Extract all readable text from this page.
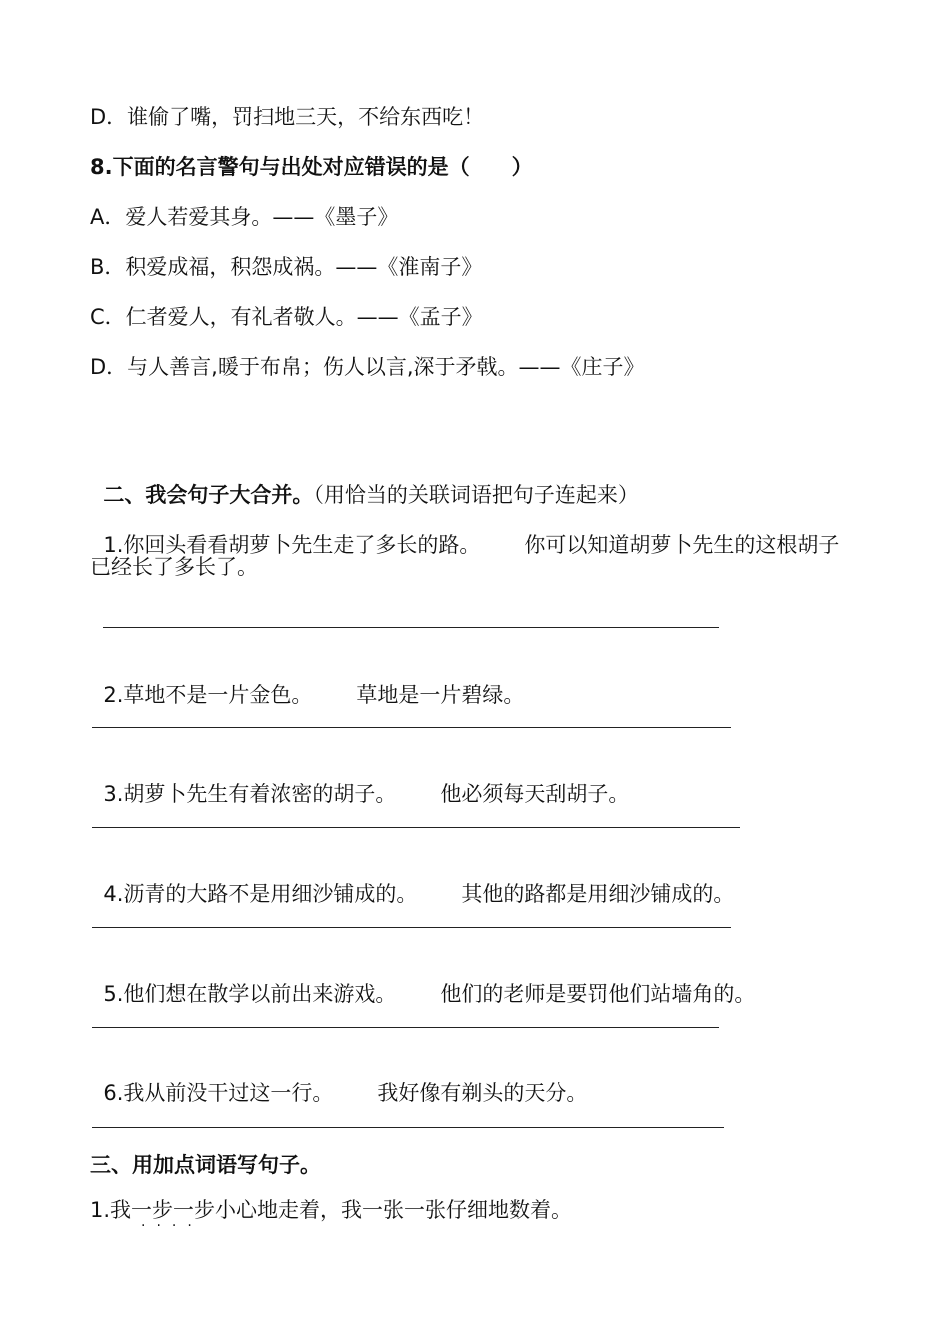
D．谁偷了嘴，罚扫地三天，不给东西吃！
8.下面的名言警句与出处对应错误的是（　　）
A．爱人若爱其身。——《墨子》
B．积爱成福，积怨成祸。——《淮南子》
C．仁者爱人，有礼者敬人。——《孟子》
D．与人善言,暖于布帛；伤人以言,深于矛戟。——《庄子》

二、我会句子大合并。（用恰当的关联词语把句子连起来）

1.你回头看看胡萝卜先生走了多长的路。 你可以知道胡萝卜先生的这根胡子

已经长了多长了。

2.草地不是一片金色。 草地是一片碧绿。

3.胡萝卜先生有着浓密的胡子。 他必须每天刮胡子。

4.沥青的大路不是用细沙铺成的。 其他的路都是用细沙铺成的。

5.他们想在散学以前出来游戏。 他们的老师是要罚他们站墙角的。

6.我从前没干过这一行。 我好像有剃头的天分。

三、用加点词语写句子。
1.我一步一步小心地走着，我一张一张仔细地数着。
····
